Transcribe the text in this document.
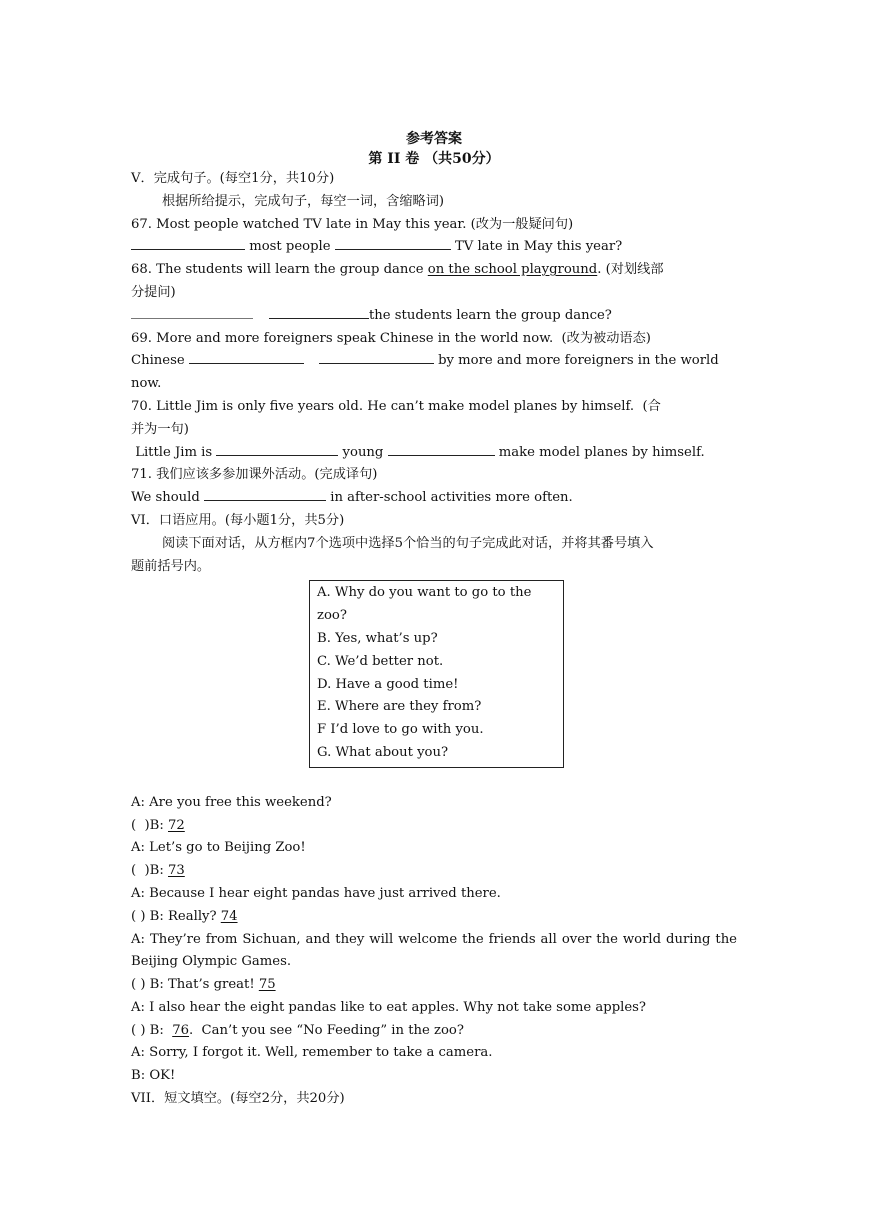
参考答案
第 II 卷 （共50分）
V．完成句子。(每空1分，共10分)
根据所给提示，完成句子，每空一词，含缩略词)
67. Most people watched TV late in May this year. (改为一般疑问句)
most people	TV late in May this year?
68. The students will learn the group dance on the school playground. (对划线部
分提问)
the students learn the group dance?
69. More and more foreigners speak Chinese in the world now.  (改为被动语态)
Chinese	by more and more foreigners in the world
now.
70. Little Jim is only five years old. He can’t make model planes by himself.  (合
并为一句)
Little Jim is	young	make model planes by himself.
71. 我们应该多参加课外活动。(完成译句)
We should	in after-school activities more often.
VI．口语应用。(每小题1分，共5分)
阅读下面对话，从方框内7个选项中选择5个恰当的句子完成此对话，并将其番号填入
题前括号内。
A. Why do you want to go to the zoo?
B. Yes, what’s up?
C. We’d better not.
D. Have a good time!
E. Where are they from?
F I’d love to go with you.
G. What about you?
A: Are you free this weekend?
(  )B: 72
A: Let’s go to Beijing Zoo!
(  )B: 73
A: Because I hear eight pandas have just arrived there.
( ) B: Really? 74
A: They’re from Sichuan, and they will welcome the friends all over the world during the Beijing Olympic Games.
( ) B: That’s great! 75
A: I also hear the eight pandas like to eat apples. Why not take some apples?
( ) B:  76.  Can’t you see “No Feeding” in the zoo?
A: Sorry, I forgot it. Well, remember to take a camera.
B: OK!
VII．短文填空。(每空2分，共20分)
